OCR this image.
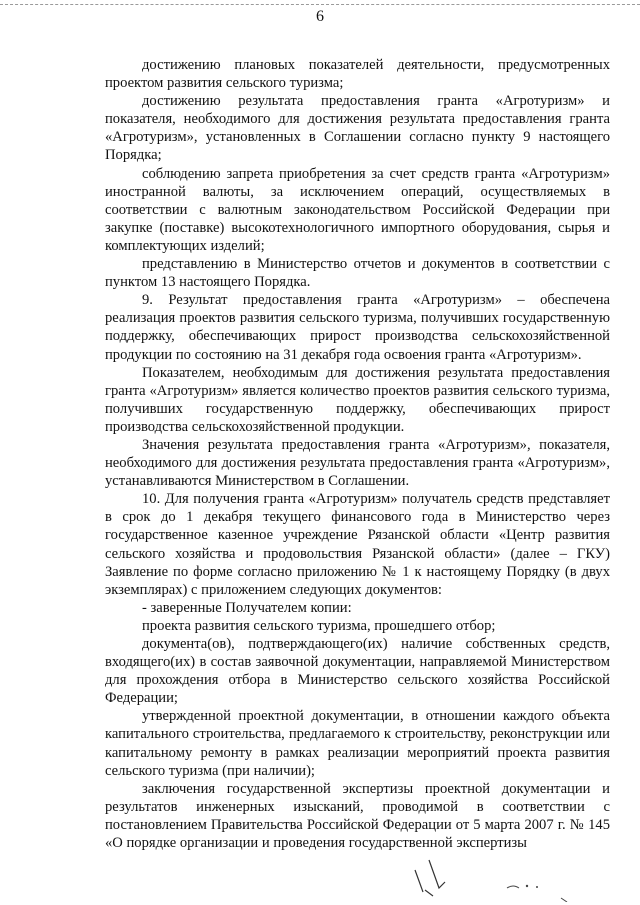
6

достижению плановых показателей деятельности, предусмотренных проектом развития сельского туризма;

достижению результата предоставления гранта «Агротуризм» и показателя, необходимого для достижения результата предоставления гранта «Агротуризм», установленных в Соглашении согласно пункту 9 настоящего Порядка;

соблюдению запрета приобретения за счет средств гранта «Агротуризм» иностранной валюты, за исключением операций, осуществляемых в соответствии с валютным законодательством Российской Федерации при закупке (поставке) высокотехнологичного импортного оборудования, сырья и комплектующих изделий;

представлению в Министерство отчетов и документов в соответствии с пунктом 13 настоящего Порядка.

9. Результат предоставления гранта «Агротуризм» – обеспечена реализация проектов развития сельского туризма, получивших государственную поддержку, обеспечивающих прирост производства сельскохозяйственной продукции по состоянию на 31 декабря года освоения гранта «Агротуризм».

Показателем, необходимым для достижения результата предоставления гранта «Агротуризм» является количество проектов развития сельского туризма, получивших государственную поддержку, обеспечивающих прирост производства сельскохозяйственной продукции.

Значения результата предоставления гранта «Агротуризм», показателя, необходимого для достижения результата предоставления гранта «Агротуризм», устанавливаются Министерством в Соглашении.

10. Для получения гранта «Агротуризм» получатель средств представляет в срок до 1 декабря текущего финансового года в Министерство через государственное казенное учреждение Рязанской области «Центр развития сельского хозяйства и продовольствия Рязанской области» (далее – ГКУ) Заявление по форме согласно приложению № 1 к настоящему Порядку (в двух экземплярах) с приложением следующих документов:

- заверенные Получателем копии:

проекта развития сельского туризма, прошедшего отбор;

документа(ов), подтверждающего(их) наличие собственных средств, входящего(их) в состав заявочной документации, направляемой Министерством для прохождения отбора в Министерство сельского хозяйства Российской Федерации;

утвержденной проектной документации, в отношении каждого объекта капитального строительства, предлагаемого к строительству, реконструкции или капитальному ремонту в рамках реализации мероприятий проекта развития сельского туризма (при наличии);

заключения государственной экспертизы проектной документации и результатов инженерных изысканий, проводимой в соответствии с постановлением Правительства Российской Федерации от 5 марта 2007 г. № 145 «О порядке организации и проведения государственной экспертизы
